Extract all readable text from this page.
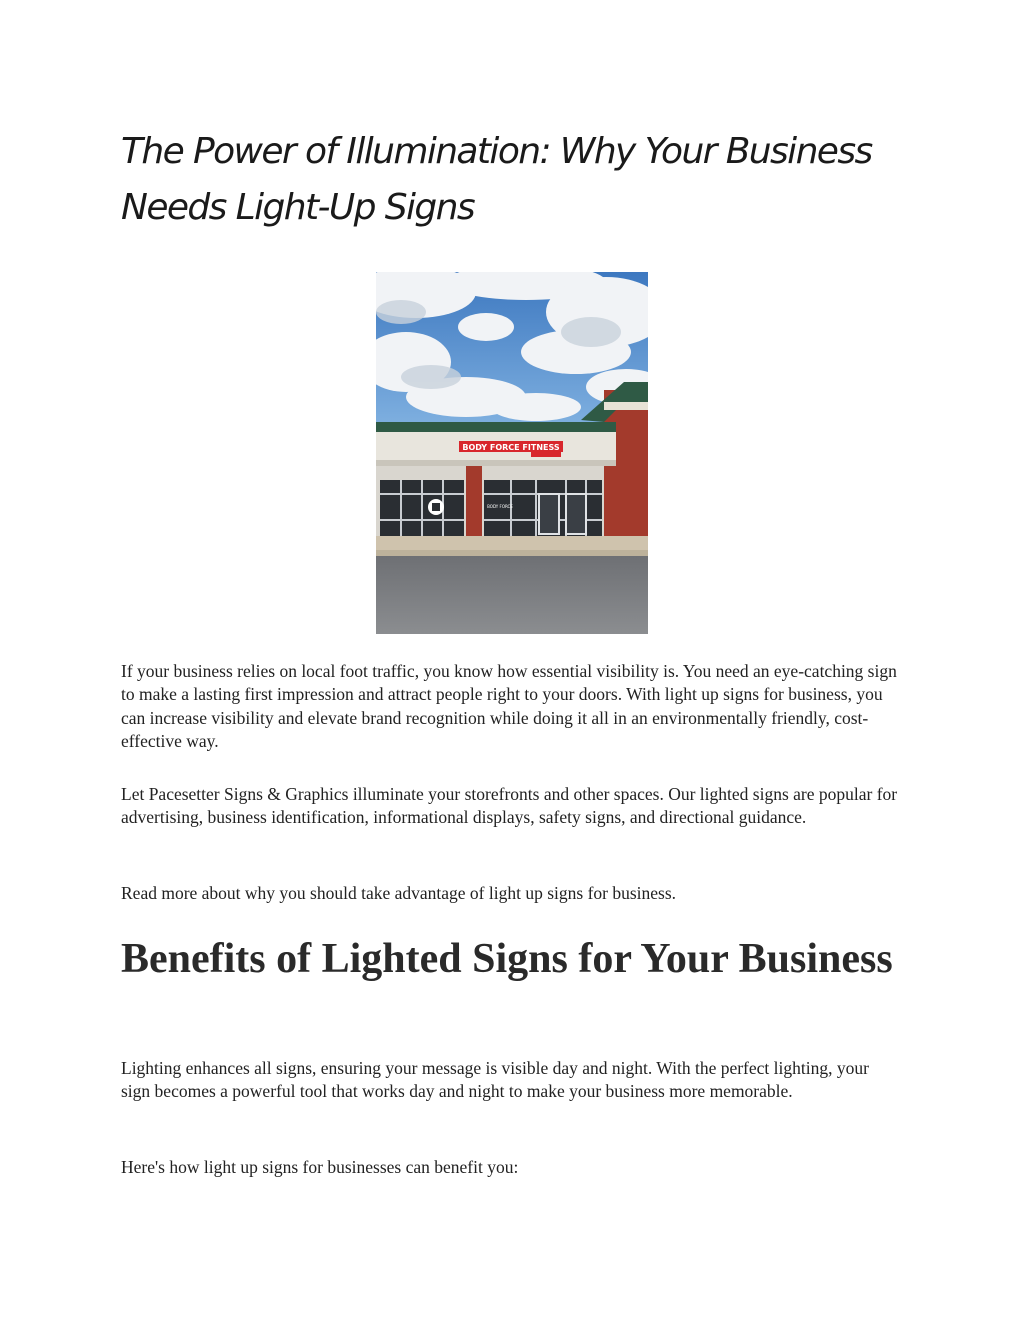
The Power of Illumination: Why Your Business Needs Light-Up Signs
BODY FORCE FITNESS
BODY FORCE

If your business relies on local foot traffic, you know how essential visibility is. You need an eye-catching sign to make a lasting first impression and attract people right to your doors. With light up signs for business, you can increase visibility and elevate brand recognition while doing it all in an environmentally friendly, cost-effective way.

Let Pacesetter Signs & Graphics illuminate your storefronts and other spaces. Our lighted signs are popular for advertising, business identification, informational displays, safety signs, and directional guidance.

Read more about why you should take advantage of light up signs for business.

Benefits of Lighted Signs for Your Business

Lighting enhances all signs, ensuring your message is visible day and night. With the perfect lighting, your sign becomes a powerful tool that works day and night to make your business more memorable.

Here's how light up signs for businesses can benefit you:
